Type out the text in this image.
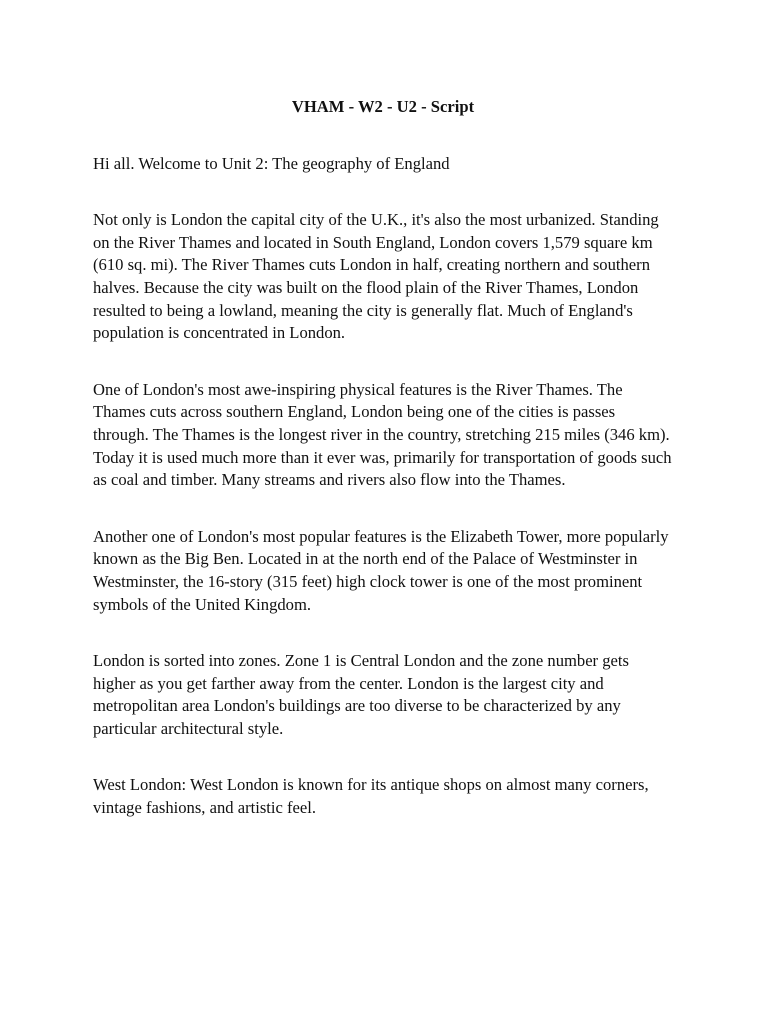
VHAM - W2 - U2 - Script

Hi all. Welcome to Unit 2: The geography of England

Not only is London the capital city of the U.K., it's also the most urbanized. Standing on the River Thames and located in South England, London covers 1,579 square km (610 sq. mi). The River Thames cuts London in half, creating northern and southern halves. Because the city was built on the flood plain of the River Thames, London resulted to being a lowland, meaning the city is generally flat. Much of England's population is concentrated in London.

One of London's most awe-inspiring physical features is the River Thames. The Thames cuts across southern England, London being one of the cities is passes through. The Thames is the longest river in the country, stretching 215 miles (346 km). Today it is used much more than it ever was, primarily for transportation of goods such as coal and timber. Many streams and rivers also flow into the Thames.

Another one of London's most popular features is the Elizabeth Tower, more popularly known as the Big Ben. Located in at the north end of the Palace of Westminster in Westminster, the 16-story (315 feet) high clock tower is one of the most prominent symbols of the United Kingdom.

London is sorted into zones. Zone 1 is Central London and the zone number gets higher as you get farther away from the center. London is the largest city and metropolitan area London's buildings are too diverse to be characterized by any particular architectural style.

West London: West London is known for its antique shops on almost many corners, vintage fashions, and artistic feel.
